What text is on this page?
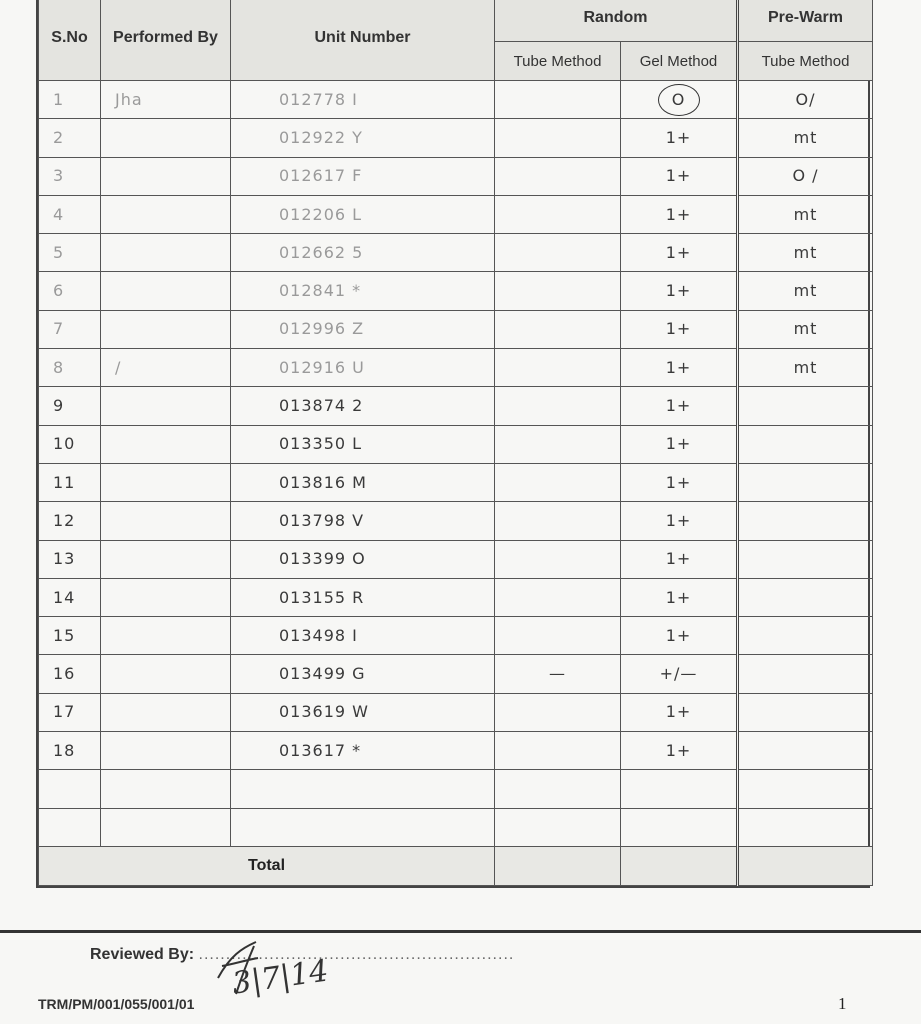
S.No	Performed By	Unit Number	Random		Pre-Warm
			Tube Method	Gel Method	Tube Method
1	Jha	012778 I		O	O/
2		012922 Y		1+	mt
3		012617 F		1+	O /
4		012206 L		1+	mt
5		012662 5		1+	mt
6		012841 *		1+	mt
7		012996 Z		1+	mt
8	/	012916 U		1+	mt
9		013874 2		1+	
10		013350 L		1+	
11		013816 M		1+	
12		013798 V		1+	
13		013399 O		1+	
14		013155 R		1+	
15		013498 I		1+	
16		013499 G	—	+/—	
17		013619 W		1+	
18		013617 *		1+	

Total					
Reviewed By: ..........................................................
3|7|14
TRM/PM/001/055/001/01	1
